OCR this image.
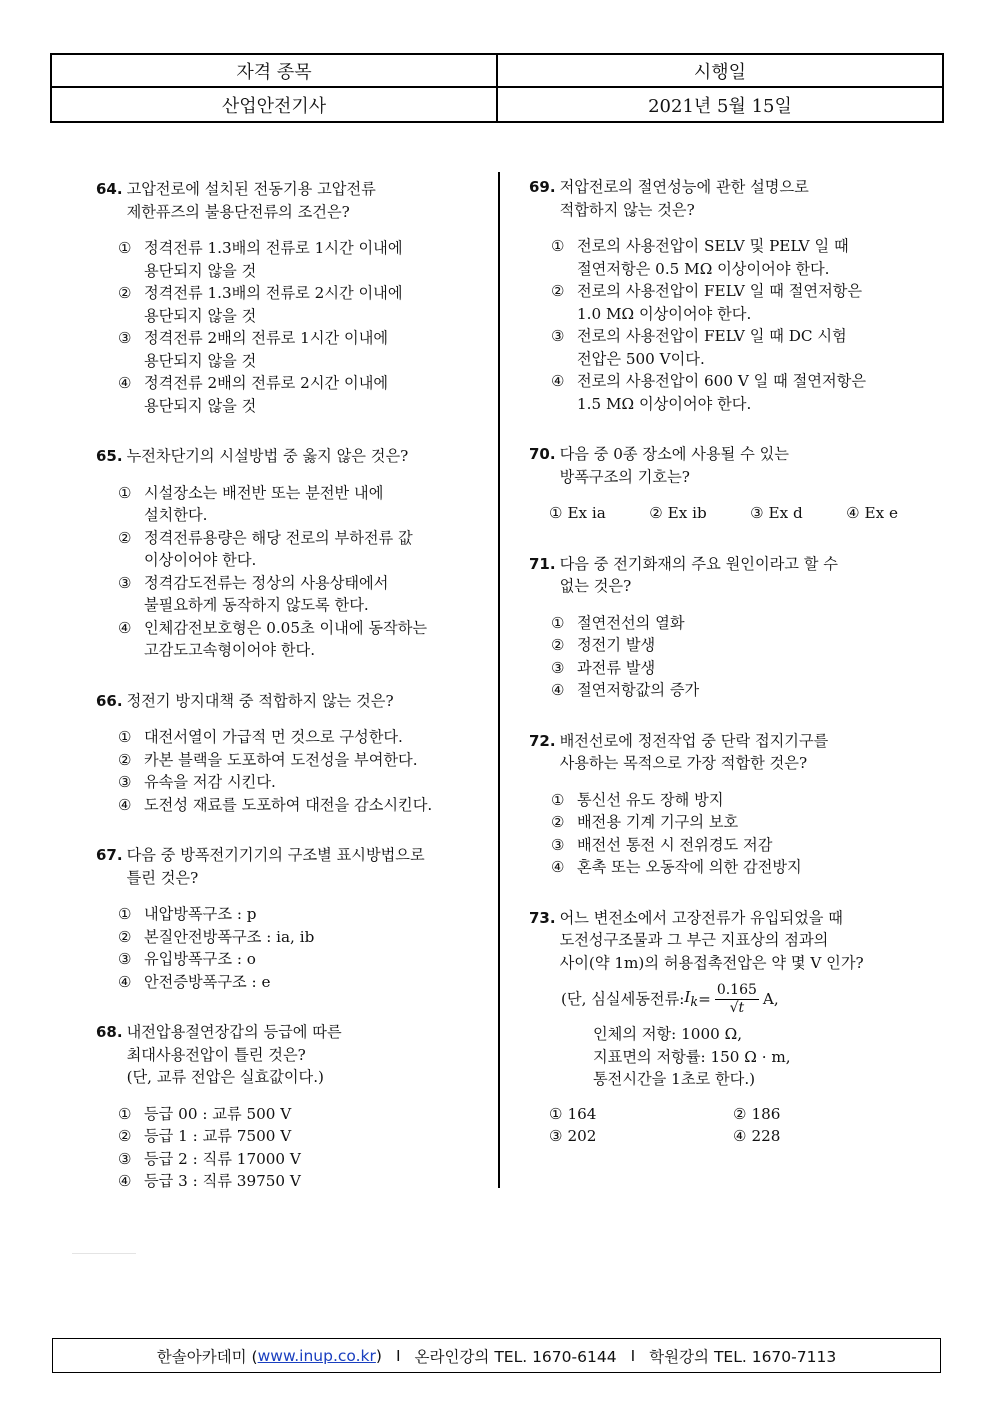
자격 종목	시행일
산업안전기사	2021년 5월 15일
64. 고압전로에 설치된 전동기용 고압전류
제한퓨즈의 불용단전류의 조건은?
① 정격전류 1.3배의 전류로 1시간 이내에
용단되지 않을 것
② 정격전류 1.3배의 전류로 2시간 이내에
용단되지 않을 것
③ 정격전류 2배의 전류로 1시간 이내에
용단되지 않을 것
④ 정격전류 2배의 전류로 2시간 이내에
용단되지 않을 것
65. 누전차단기의 시설방법 중 옳지 않은 것은?
① 시설장소는 배전반 또는 분전반 내에
설치한다.
② 정격전류용량은 해당 전로의 부하전류 값
이상이어야 한다.
③ 정격감도전류는 정상의 사용상태에서
불필요하게 동작하지 않도록 한다.
④ 인체감전보호형은 0.05초 이내에 동작하는
고감도고속형이어야 한다.
66. 정전기 방지대책 중 적합하지 않는 것은?
① 대전서열이 가급적 먼 것으로 구성한다.
② 카본 블랙을 도포하여 도전성을 부여한다.
③ 유속을 저감 시킨다.
④ 도전성 재료를 도포하여 대전을 감소시킨다.
67. 다음 중 방폭전기기기의 구조별 표시방법으로
틀린 것은?
① 내압방폭구조 : p
② 본질안전방폭구조 : ia, ib
③ 유입방폭구조 : o
④ 안전증방폭구조 : e
68. 내전압용절연장갑의 등급에 따른
최대사용전압이 틀린 것은?
(단, 교류 전압은 실효값이다.)
① 등급 00 : 교류 500 V
② 등급 1 : 교류 7500 V
③ 등급 2 : 직류 17000 V
④ 등급 3 : 직류 39750 V
69. 저압전로의 절연성능에 관한 설명으로
적합하지 않는 것은?
① 전로의 사용전압이 SELV 및 PELV 일 때
절연저항은 0.5 MΩ 이상이어야 한다.
② 전로의 사용전압이 FELV 일 때 절연저항은
1.0 MΩ 이상이어야 한다.
③ 전로의 사용전압이 FELV 일 때 DC 시험
전압은 500 V이다.
④ 전로의 사용전압이 600 V 일 때 절연저항은
1.5 MΩ 이상이어야 한다.
70. 다음 중 0종 장소에 사용될 수 있는
방폭구조의 기호는?
① Ex ia	② Ex ib	③ Ex d	④ Ex e
71. 다음 중 전기화재의 주요 원인이라고 할 수
없는 것은?
① 절연전선의 열화
② 정전기 발생
③ 과전류 발생
④ 절연저항값의 증가
72. 배전선로에 정전작업 중 단락 접지기구를
사용하는 목적으로 가장 적합한 것은?
① 통신선 유도 장해 방지
② 배전용 기계 기구의 보호
③ 배전선 통전 시 전위경도 저감
④ 혼촉 또는 오동작에 의한 감전방지
73. 어느 변전소에서 고장전류가 유입되었을 때
도전성구조물과 그 부근 지표상의 점과의
사이(약 1m)의 허용접촉전압은 약 몇 V 인가?
(단, 심실세동전류: $I_k = \frac{0.165}{√t} A$,
인체의 저항: 1000 Ω,
지표면의 저항률: 150 Ω · m,
통전시간을 1초로 한다.)
① 164	② 186
③ 202	④ 228
한솔아카데미 ( www.inup.co.kr ) I 온라인강의 TEL. 1670-6144 I 학원강의 TEL. 1670-7113
